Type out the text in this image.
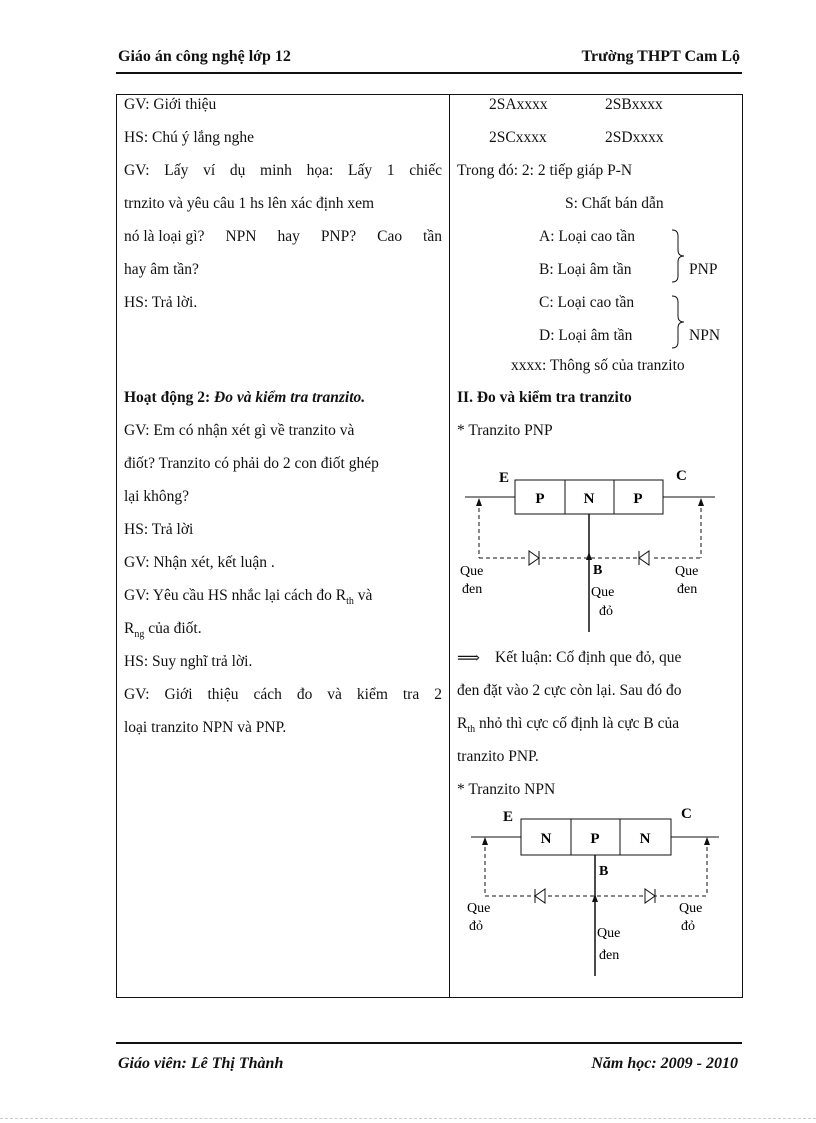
Giáo án công nghệ lớp 12	Trường THPT Cam Lộ
GV: Giới thiệu
HS: Chú ý lắng nghe
GV: Lấy ví dụ minh họa: Lấy 1 chiếc
trnzito và yêu câu 1 hs lên xác định xem
nó là loại gì? NPN hay PNP? Cao tần
hay âm tần?
HS: Trả lời.
Hoạt động 2: Đo và kiểm tra tranzito.
GV: Em có nhận xét gì về tranzito và
điốt? Tranzito có phải do 2 con điốt ghép
lại không?
HS: Trả lời
GV: Nhận xét, kết luận .
GV: Yêu cầu HS nhắc lại cách đo $R_{th}$ và
$R_{ng}$ của điốt.
HS: Suy nghĩ trả lời.
GV: Giới thiệu cách đo và kiểm tra 2
loại tranzito NPN và PNP.
2SAxxxx	2SBxxxx
2SCxxxx	2SDxxxx
Trong đó: 2: 2 tiếp giáp P-N
S: Chất bán dẫn
A: Loại cao tần
B: Loại âm tần
C: Loại cao tần
D: Loại âm tần
PNP
NPN
xxxx: Thông số của tranzito
II. Đo và kiểm tra tranzito
* Tranzito PNP
P	N	P
E	C
B
Que
đen	Que
đỏ
Que
đen
⟹ Kết luận: Cố định que đỏ, que
đen đặt vào 2 cực còn lại. Sau đó đo
$R_{th}$ nhỏ thì cực cố định là cực B của
tranzito PNP.
* Tranzito NPN
N	P	N
E	C
B
Que
đỏ	Que
đen
Que
đỏ
Giáo viên: Lê Thị Thành	Năm học: 2009 - 2010
